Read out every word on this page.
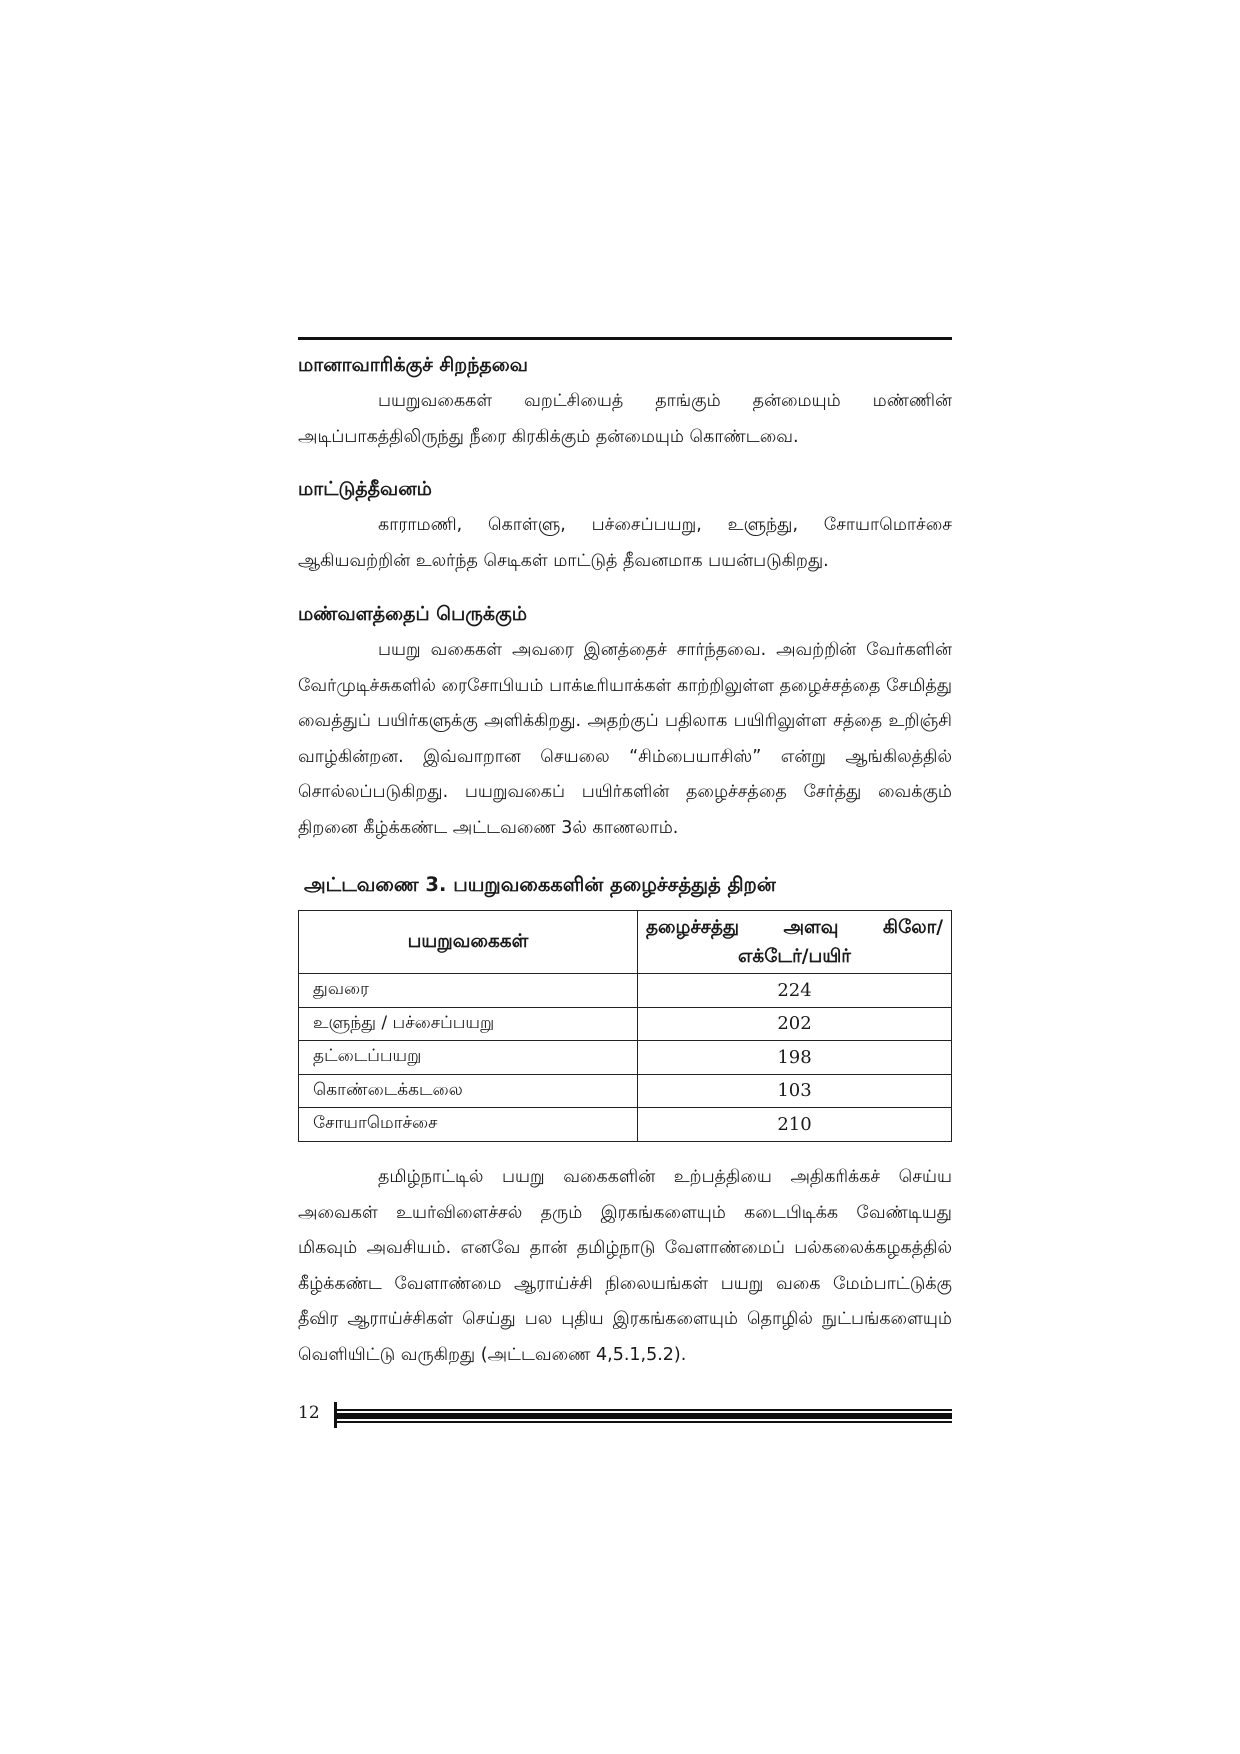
மானாவாரிக்குச் சிறந்தவை

பயறுவகைகள் வறட்சியைத் தாங்கும் தன்மையும் மண்ணின் அடிப்பாகத்திலிருந்து நீரை கிரகிக்கும் தன்மையும் கொண்டவை.

மாட்டுத்தீவனம்

காராமணி, கொள்ளு, பச்சைப்பயறு, உளுந்து, சோயாமொச்சை ஆகியவற்றின் உலர்ந்த செடிகள் மாட்டுத் தீவனமாக பயன்படுகிறது.

மண்வளத்தைப் பெருக்கும்

பயறு வகைகள் அவரை இனத்தைச் சார்ந்தவை. அவற்றின் வேர்களின் வேர்முடிச்சுகளில் ரைசோபியம் பாக்டீரியாக்கள் காற்றிலுள்ள தழைச்சத்தை சேமித்து வைத்துப் பயிர்களுக்கு அளிக்கிறது. அதற்குப் பதிலாக பயிரிலுள்ள சத்தை உறிஞ்சி வாழ்கின்றன. இவ்வாறான செயலை “சிம்பையாசிஸ்” என்று ஆங்கிலத்தில் சொல்லப்படுகிறது. பயறுவகைப் பயிர்களின் தழைச்சத்தை சேர்த்து வைக்கும் திறனை கீழ்க்கண்ட அட்டவணை 3ல் காணலாம்.

அட்டவணை 3. பயறுவகைகளின் தழைச்சத்துத் திறன்
பயறுவகைகள்	தழைச்சத்து அளவு கிலோ/ எக்டேர்/பயிர்
துவரை	224
உளுந்து / பச்சைப்பயறு	202
தட்டைப்பயறு	198
கொண்டைக்கடலை	103
சோயாமொச்சை	210

தமிழ்நாட்டில் பயறு வகைகளின் உற்பத்தியை அதிகரிக்கச் செய்ய அவைகள் உயர்விளைச்சல் தரும் இரகங்களையும் கடைபிடிக்க வேண்டியது மிகவும் அவசியம். எனவே தான் தமிழ்நாடு வேளாண்மைப் பல்கலைக்கழகத்தில் கீழ்க்கண்ட வேளாண்மை ஆராய்ச்சி நிலையங்கள் பயறு வகை மேம்பாட்டுக்கு தீவிர ஆராய்ச்சிகள் செய்து பல புதிய இரகங்களையும் தொழில் நுட்பங்களையும் வெளியிட்டு வருகிறது (அட்டவணை 4,5.1,5.2).

12
